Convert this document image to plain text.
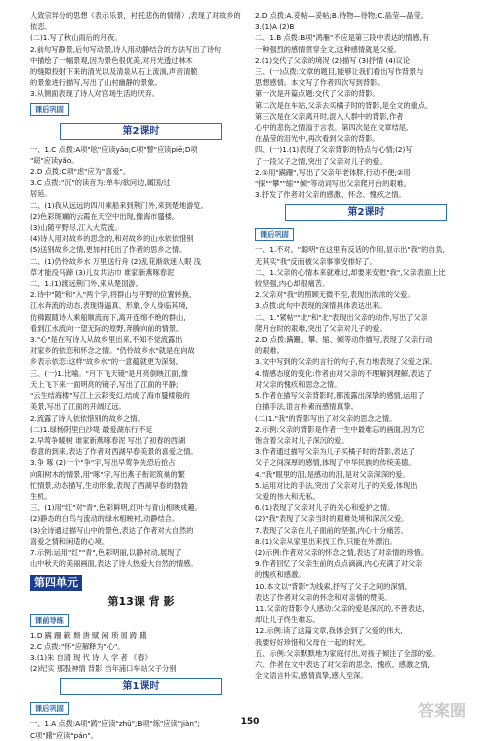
人致宗异分的思想《表示乐景，衬托悲伤的情绪）,表现了对故乡的
依恋。
(二)1.写了秋山雨后的月夜。
2.前句写静景,后句写动景,诗人用动静结合的方法写出了诗句
中描绘了一幅景观,因为景色很优美,对月光透过林木
的缝隙投射下来的清光以及清泉从石上流淌,声音清脆
的景象进行描写,写出了山村幽静的景象。
3.从侧面表现了诗人对官场生活的厌弃。
课后巩固
第2课时
一、1.C 点拨:A项"吆"应读yāo;C项"瞥"应读piē;D项
"窈"应读yǎo。
2.D 点拨:C项"虑"应为"喜爱"。
3.C 点拨:"沉"的读音为:单车/欲问边,属国/过
居延。
二、(1)我从远远的四川乘船来到荆门外,来到楚地游览。
(2)色彩斑斓的云霞在天空中出现,像海市蜃楼。
(3)山随平野尽,江入大荒流。
(4)诗人用对故乡的思念的,和对故乡的山水依依惜别
(5)送别故乡之情,更加衬托出了作者的思乡之情。
二、(1)仍怜故乡水 万里送行舟 (2)乱花渐欲迷人眼 浅
草才能没马蹄 (3)儿女共沾巾 谁家新燕啄春泥
二、1.(1)渡远荆门外,来从楚国游。
2.诗中"随"和"入"两个字,将群山与平野的位置转换、
江水奔流的动态,表现得逼真、形象,令人身临其境,
仿佛跟随诗人乘船顺流而下,离开连绵不绝的群山,
看到江水流向一望无际的原野,奔腾向前的情景。
3."心"是在写诗人从故乡里出来,不知不觉流露出
对家乡的依恋和怀念之情。"仍怜故乡水"就是在向故
乡表示依恋:这样"故乡水"的一意蕴就更为深刻。
三、(一)1.比喻。"月下飞天镜"是月亮倒映江面,像
天上飞下来一面明亮的镜子,写出了江面的平静;
"云生结海楼"写江上云彩变幻,结成了海市蜃楼般的
美景,写出了江面的开阔辽远。
2.流露了诗人依依惜别的故乡之情。
(二)1.绿杨阴里白沙堤 最爱湖东行不足
2.早莺争暖树 谁家新燕啄春泥 写出了初春的西湖
春意的到来,表达了作者对西湖早春美景的喜爱之情。
3.争 啄 (2)一个"争"字,写出早莺争先恐后抢占
向阳树木的情景,用"啄"字,写出燕子衔泥筑巢的繁
忙情景,动态描写,生动形象,表现了西湖早春的勃勃
生机。
三、(1)用"红"对"青",色彩鲜明,红叶与青山相映成趣。
(2)静态的白鸟与流动的绿水相映衬,动静结合。
(3)全诗通过描写山中的景色,表达了作者对大自然的
喜爱之情和闲适的心境。
7.示例:运用"红""青",色彩明丽,以静衬动,展现了
山中秋天的美丽画面,表达了诗人热爱大自然的情感。
第四单元
第13课 背 影
课前导练
1.D 蹒 跚 簌 颓 唐 赋 闲 琐 屑 踌 躇
2.C 点拨:"怀"应解释为"心"。
3.(1)朱 自清 现 代 诗 人 学 者 《春》
(2)纪实 那股神情 背影 当年浦口车站父子分别
第1课时
课后巩固
一、1.A 点拨:A项"踌"应读"zhǔ";B项"练"应读"jiàn";
C项"躇"应读"pán"。
2.D 点拨:A.妥帖—妥帖;B.待物—待物;C.晶莹—晶莹。
3.(1)A (2)B
二、1.B 点拨:B项"鸿雁"不应是第三段中表达的情感,有
一种强烈的感情贯穿全文,这种感情就是父爱。
2.(1)交代了父亲的境况 (2)描写 (3)抒情 (4)议论
三、(一)点拨:文章的题目,能够让我们看出写作背景与
思想感情。本文写了作者四次写到背影。
第一次是开篇点题:交代了父亲的背影。
第二次是在车站,父亲去买橘子时的背影,是全文的重点。
第三次是在父亲离开时,混入人群中的背影,作者
心中的悲伤之情溢于言表。第四次是在文章结尾,
在晶莹的泪光中,再次看到父亲的背影。
四、(一)1.(1)表现了父亲背影的特点与心情;(2)写
了一段父子之情,突出了父亲对儿子的爱。
2.①用"蹒跚",写出了父亲年老体胖,行动不便;②用
"探""攀""缩""倾"等动词写出父亲爬月台的艰难。
3.抒发了作者对父亲的感激、怀念、愧疚之情。
第2课时
课后巩固
一、1.不对。"聪明"在这里有反话的作用,显示出"我"的自负,
无其实"我"反而被父亲事事安排好了。
二、1.父亲的心情本来就难过,却要来安慰"我",父亲表面上比
较坚强,内心却很痛苦。
2.父亲对"我"的照顾无微不至,表现出浓浓的父爱。
3.点拨:此句中表现的深情具体表达出来。
二、1."紧帖""北"和"北"表现出父亲的动作,写出了父亲
爬月台时的艰难,突出了父亲对儿子的爱。
2.D 点拨:蹒跚、攀、缩、倾等动作描写,表现了父亲行动
的艰难。
3.文中写到的父亲的言行的句子,有力地表现了父爱之深。
4.情感态度的变化:作者由对父亲的不理解到理解,表达了
对父亲的愧疚和思念之情。
5.作者在描写父亲背影时,都流露出深挚的感情,运用了
白描手法,语言朴素而感情真挚。
(二)1."我"的背影写出了对父亲的思念之情。
2.示例:父亲的背影是作者一生中最难忘的画面,因为它
饱含着父亲对儿子深沉的爱。
3.作者通过描写父亲为儿子买橘子时的背影,表达了
父子之间深厚的感情,体现了中华民族的传统美德。
4."我"眼里的泪,是感动的泪,是对父亲深深的爱。
5.运用对比的手法,突出了父亲对儿子的关爱,体现出
父爱的伟大和无私。
6.(1)表现了父亲对儿子的关心和爱护之情。
(2)"我"表现了父亲当时的艰难处境和深沉父爱。
7.表现了父亲在儿子面前的坚强,内心十分痛苦。
8.(1)父亲从家里出来找工作,只能在外漂泊。
(2)示例:作者对父亲的怀念之情,表达了对亲情的珍惜。
9.作者回忆了父亲生前的点点滴滴,内心充满了对父亲
的愧疚和感激。
10.本文以"背影"为线索,抒写了父子之间的深情,
表达了作者对父亲的怀念和对亲情的赞美。
11.父亲的背影令人感动:父亲的爱是深沉的,不善表达,
却让儿子终生难忘。
12.示例:读了这篇文章,我体会到了父爱的伟大,
我要好好珍惜和父母在一起的时光。
五、示例:父亲默默地为家庭付出,对孩子倾注了全部的爱。
六、作者在文中表达了对父亲的思念、愧疚、感激之情,
全文语言朴实,感情真挚,感人至深。
150
答案圈
